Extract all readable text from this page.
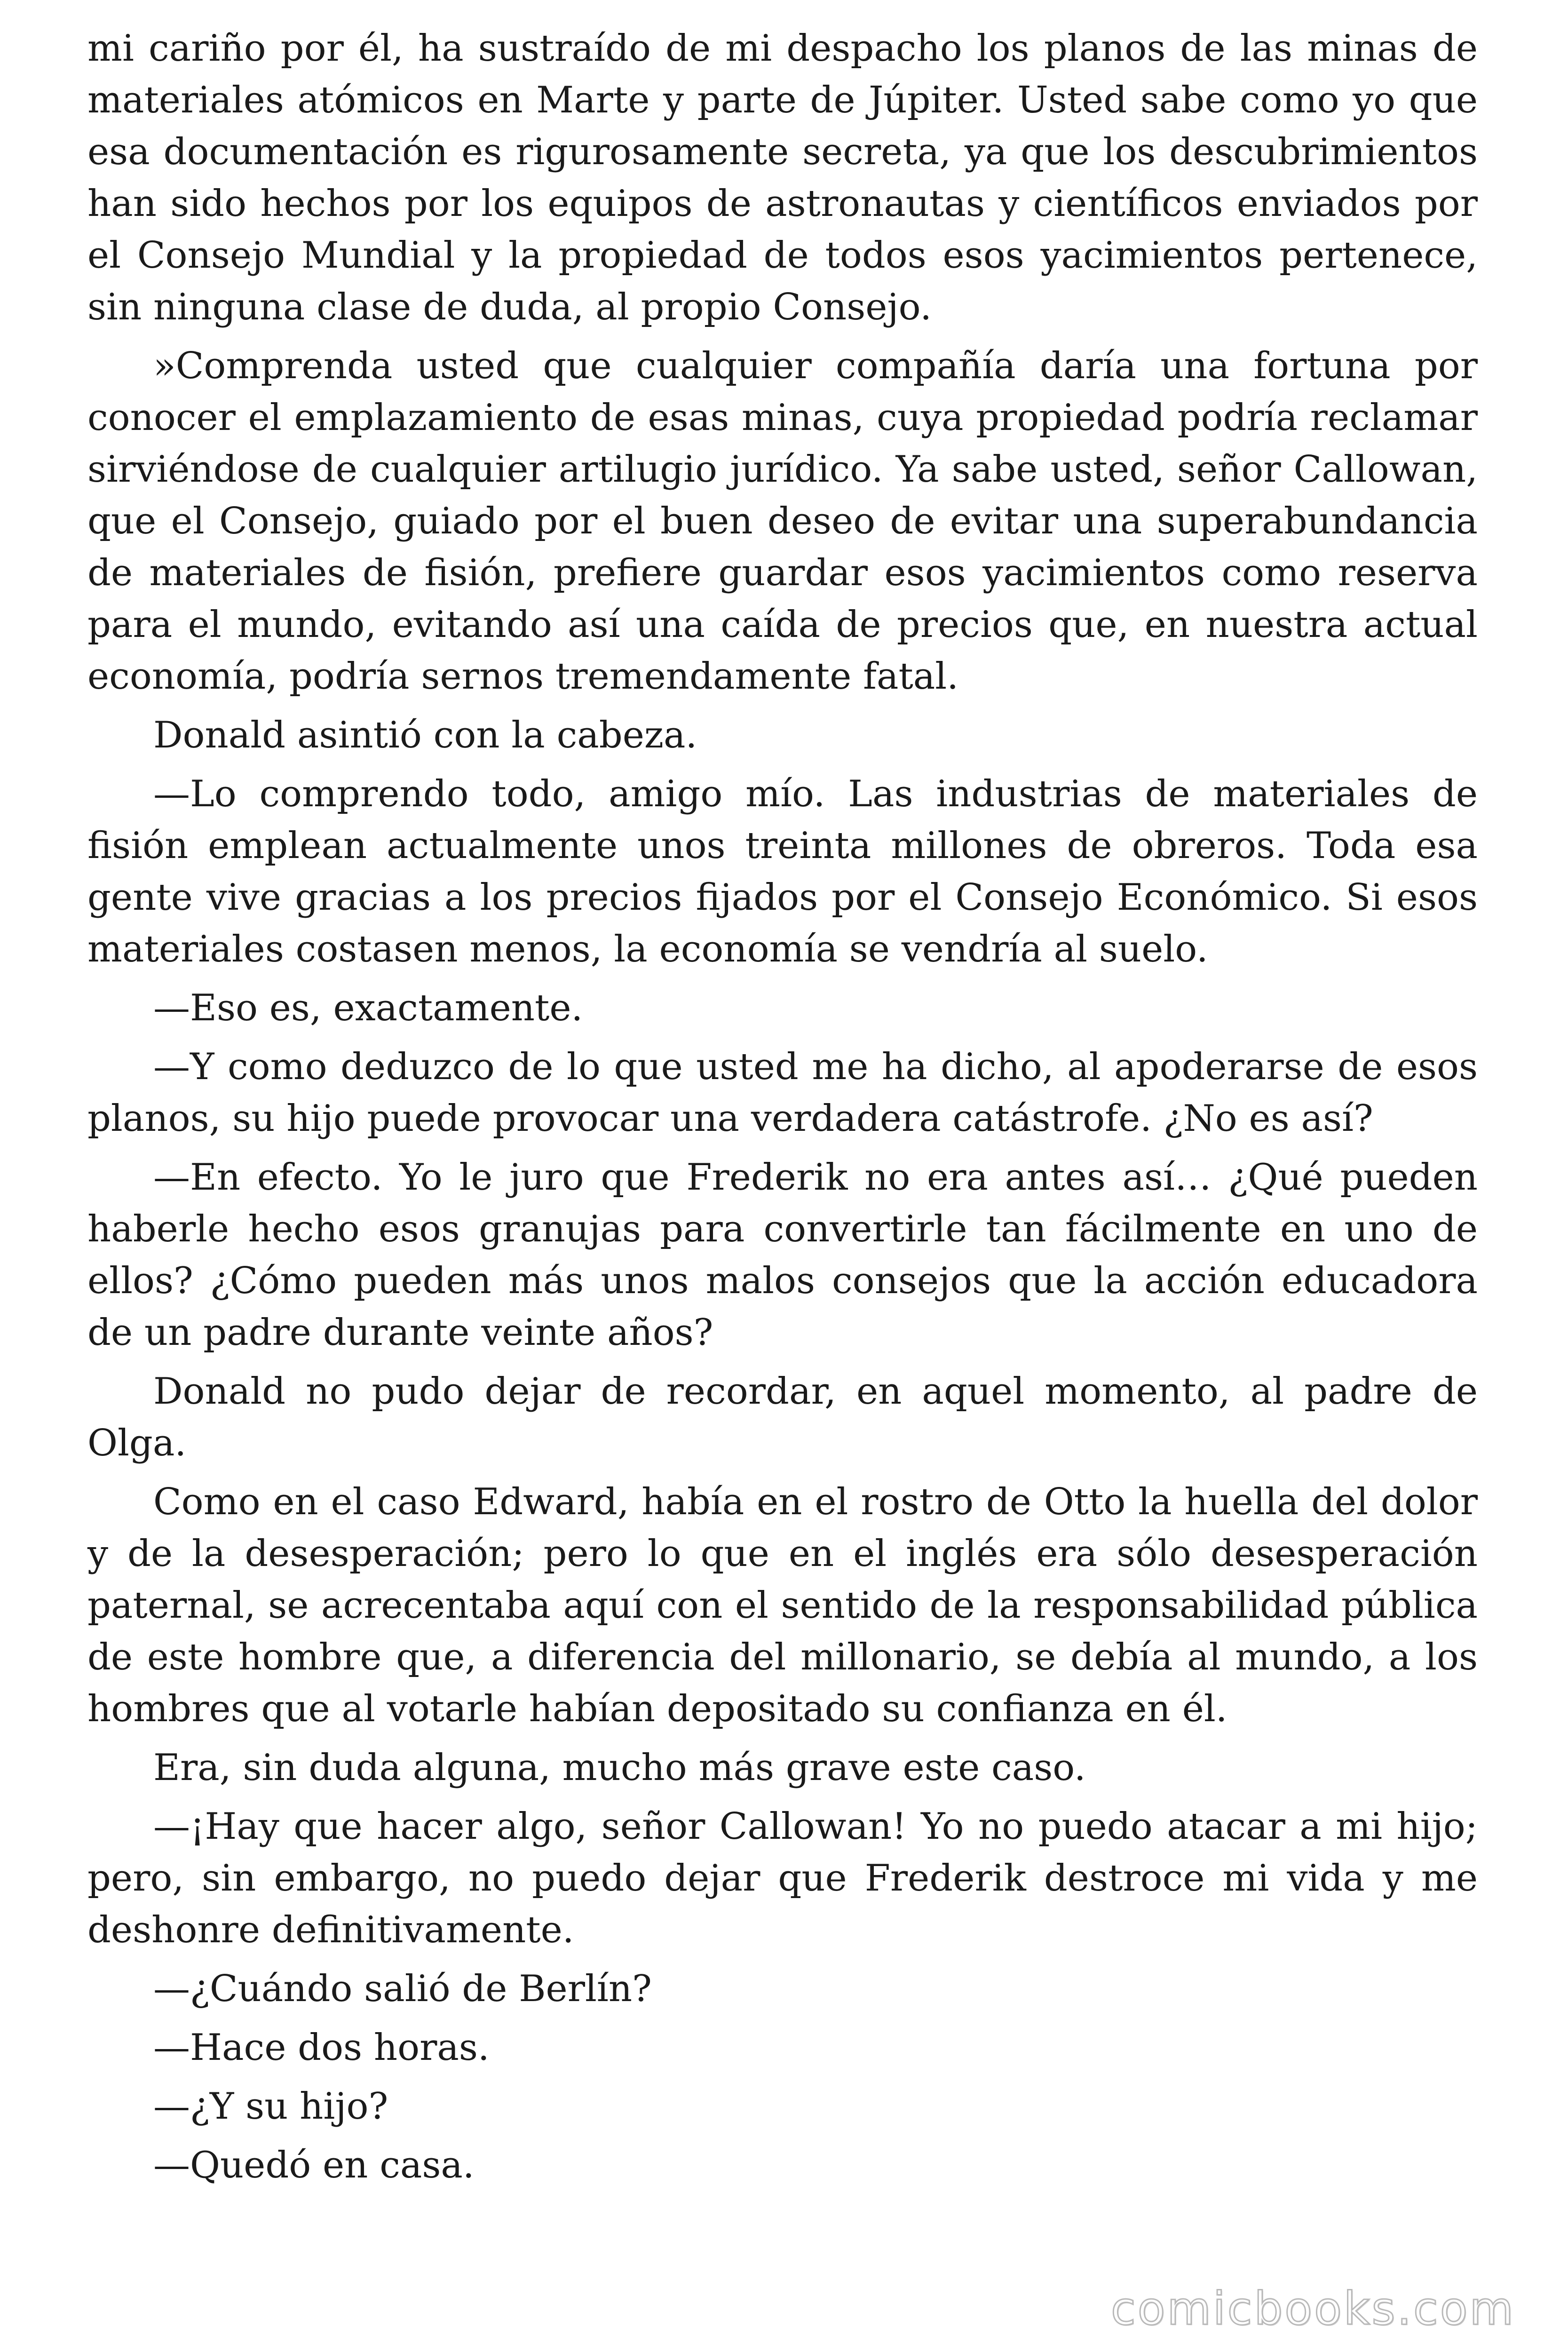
mi cariño por él, ha sustraído de mi despacho los planos de las minas de materiales atómicos en Marte y parte de Júpiter. Usted sabe como yo que esa documentación es rigurosamente secreta, ya que los descubrimientos han sido hechos por los equipos de astronautas y científicos enviados por el Consejo Mundial y la propiedad de todos esos yacimientos pertenece, sin ninguna clase de duda, al propio Consejo.

»Comprenda usted que cualquier compañía daría una fortuna por conocer el emplazamiento de esas minas, cuya propiedad podría reclamar sirviéndose de cualquier artilugio jurídico. Ya sabe usted, señor Callowan, que el Consejo, guiado por el buen deseo de evitar una superabundancia de materiales de fisión, prefiere guardar esos yacimientos como reserva para el mundo, evitando así una caída de precios que, en nuestra actual economía, podría sernos tremendamente fatal.

Donald asintió con la cabeza.

—Lo comprendo todo, amigo mío. Las industrias de materiales de fisión emplean actualmente unos treinta millones de obreros. Toda esa gente vive gracias a los precios fijados por el Consejo Económico. Si esos materiales costasen menos, la economía se vendría al suelo.

—Eso es, exactamente.

—Y como deduzco de lo que usted me ha dicho, al apoderarse de esos planos, su hijo puede provocar una verdadera catástrofe. ¿No es así?

—En efecto. Yo le juro que Frederik no era antes así… ¿Qué pueden haberle hecho esos granujas para convertirle tan fácilmente en uno de ellos? ¿Cómo pueden más unos malos consejos que la acción educadora de un padre durante veinte años?

Donald no pudo dejar de recordar, en aquel momento, al padre de Olga.

Como en el caso Edward, había en el rostro de Otto la huella del dolor y de la desesperación; pero lo que en el inglés era sólo desesperación paternal, se acrecentaba aquí con el sentido de la responsabilidad pública de este hombre que, a diferencia del millonario, se debía al mundo, a los hombres que al votarle habían depositado su confianza en él.

Era, sin duda alguna, mucho más grave este caso.

—¡Hay que hacer algo, señor Callowan! Yo no puedo atacar a mi hijo; pero, sin embargo, no puedo dejar que Frederik destroce mi vida y me deshonre definitivamente.

—¿Cuándo salió de Berlín?

—Hace dos horas.

—¿Y su hijo?

—Quedó en casa.

comicbooks.com
